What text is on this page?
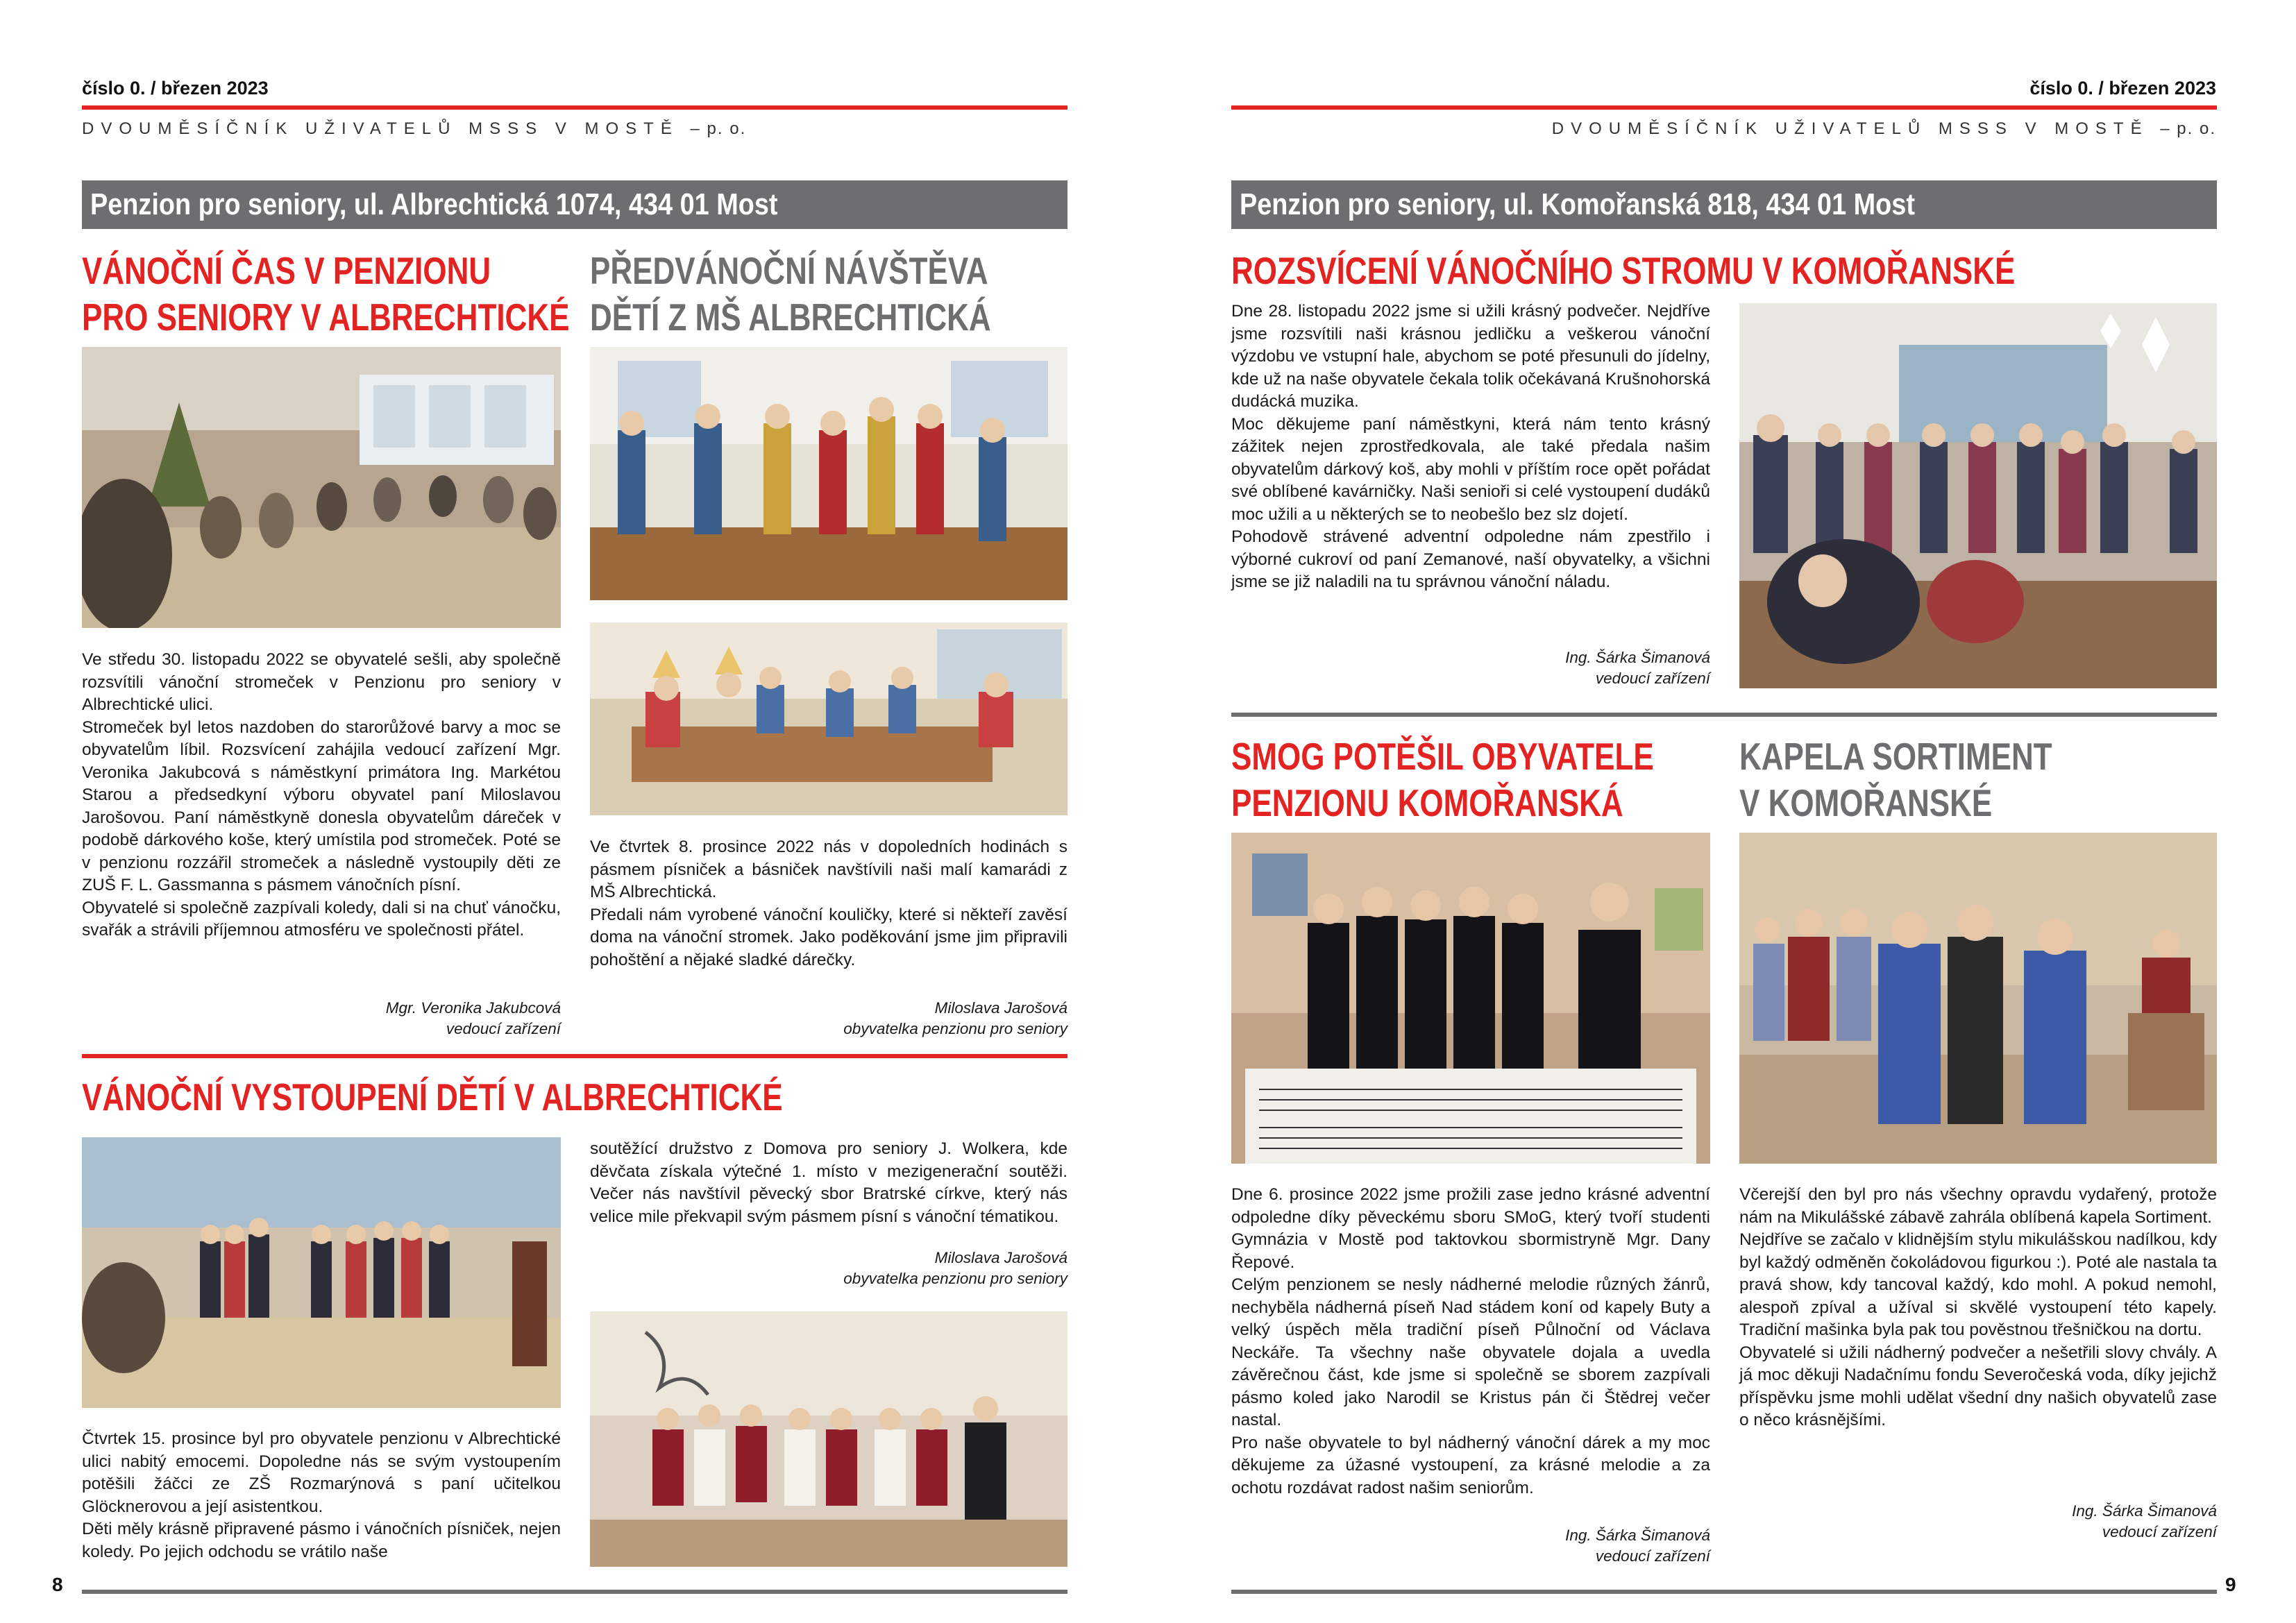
číslo 0. / březen 2023
DVOUMĚSÍČNÍK UŽIVATELŮ MSSS V MOSTĚ – p. o.
Penzion pro seniory, ul. Albrechtická 1074, 434 01 Most
VÁNOČNÍ ČAS V PENZIONU
PRO SENIORY V ALBRECHTICKÉ

Ve středu 30. listopadu 2022 se obyvatelé sešli, aby společně rozsvítili vánoční stromeček v Penzionu pro seniory v Albrechtické ulici.

Stromeček byl letos nazdoben do starorůžové barvy a moc se obyvatelům líbil. Rozsvícení zahájila vedoucí zařízení Mgr. Veronika Jakubcová s náměstkyní primátora Ing. Markétou Starou a předsedkyní výboru obyvatel paní Miloslavou Jarošovou. Paní náměstkyně donesla obyvatelům dáreček v podobě dárkového koše, který umístila pod stromeček. Poté se v penzionu rozzářil stromeček a následně vystoupily děti ze ZUŠ F. L. Gassmanna s pásmem vánočních písní.

Obyvatelé si společně zazpívali koledy, dali si na chuť vánočku, svařák a strávili příjemnou atmosféru ve společnosti přátel.

Mgr. Veronika Jakubcová
vedoucí zařízení
PŘEDVÁNOČNÍ NÁVŠTĚVA
DĚTÍ Z MŠ ALBRECHTICKÁ

Ve čtvrtek 8. prosince 2022 nás v dopoledních hodinách s pásmem písniček a básniček navštívili naši malí kamarádi z MŠ Albrechtická.

Předali nám vyrobené vánoční kouličky, které si někteří zavěsí doma na vánoční stromek. Jako poděkování jsme jim připravili pohoštění a nějaké sladké dárečky.

Miloslava Jarošová
obyvatelka penzionu pro seniory
VÁNOČNÍ VYSTOUPENÍ DĚTÍ V ALBRECHTICKÉ

Čtvrtek 15. prosince byl pro obyvatele penzionu v Albrechtické ulici nabitý emocemi. Dopoledne nás se svým vystoupením potěšili žáčci ze ZŠ Rozmarýnová s paní učitelkou Glöcknerovou a její asistentkou.

Děti měly krásně připravené pásmo i vánočních písniček, nejen koledy. Po jejich odchodu se vrátilo naše

soutěžící družstvo z Domova pro seniory J. Wolkera, kde děvčata získala výtečné 1. místo v mezigenerační soutěži. Večer nás navštívil pěvecký sbor Bratrské církve, který nás velice mile překvapil svým pásmem písní s vánoční tématikou.

Miloslava Jarošová
obyvatelka penzionu pro seniory
8
číslo 0. / březen 2023
DVOUMĚSÍČNÍK UŽIVATELŮ MSSS V MOSTĚ – p. o.
Penzion pro seniory, ul. Komořanská 818, 434 01 Most
ROZSVÍCENÍ VÁNOČNÍHO STROMU V KOMOŘANSKÉ

Dne 28. listopadu 2022 jsme si užili krásný podvečer. Nejdříve jsme rozsvítili naši krásnou jedličku a veškerou vánoční výzdobu ve vstupní hale, abychom se poté přesunuli do jídelny, kde už na naše obyvatele čekala tolik očekávaná Krušnohorská dudácká muzika.

Moc děkujeme paní náměstkyni, která nám tento krásný zážitek nejen zprostředkovala, ale také předala našim obyvatelům dárkový koš, aby mohli v příštím roce opět pořádat své oblíbené kavárničky. Naši senioři si celé vystoupení dudáků moc užili a u některých se to neobešlo bez slz dojetí.

Pohodově strávené adventní odpoledne nám zpestřilo i výborné cukroví od paní Zemanové, naší obyvatelky, a všichni jsme se již naladili na tu správnou vánoční náladu.

Ing. Šárka Šimanová
vedoucí zařízení
SMOG POTĚŠIL OBYVATELE
PENZIONU KOMOŘANSKÁ

Dne 6. prosince 2022 jsme prožili zase jedno krásné adventní odpoledne díky pěveckému sboru SMoG, který tvoří studenti Gymnázia v Mostě pod taktovkou sbormistryně Mgr. Dany Řepové.

Celým penzionem se nesly nádherné melodie různých žánrů, nechyběla nádherná píseň Nad stádem koní od kapely Buty a velký úspěch měla tradiční píseň Půlnoční od Václava Neckáře. Ta všechny naše obyvatele dojala a uvedla závěrečnou část, kde jsme si společně se sborem zazpívali pásmo koled jako Narodil se Kristus pán či Štědrej večer nastal.

Pro naše obyvatele to byl nádherný vánoční dárek a my moc děkujeme za úžasné vystoupení, za krásné melodie a za ochotu rozdávat radost našim seniorům.

Ing. Šárka Šimanová
vedoucí zařízení
KAPELA SORTIMENT
V KOMOŘANSKÉ

Včerejší den byl pro nás všechny opravdu vydařený, protože nám na Mikulášské zábavě zahrála oblíbená kapela Sortiment.

Nejdříve se začalo v klidnějším stylu mikulášskou nadílkou, kdy byl každý odměněn čokoládovou figurkou :). Poté ale nastala ta pravá show, kdy tancoval každý, kdo mohl. A pokud nemohl, alespoň zpíval a užíval si skvělé vystoupení této kapely. Tradiční mašinka byla pak tou pověstnou třešničkou na dortu.

Obyvatelé si užili nádherný podvečer a nešetřili slovy chvály. A já moc děkuji Nadačnímu fondu Severočeská voda, díky jejichž příspěvku jsme mohli udělat všední dny našich obyvatelů zase o něco krásnějšími.

Ing. Šárka Šimanová
vedoucí zařízení
9
